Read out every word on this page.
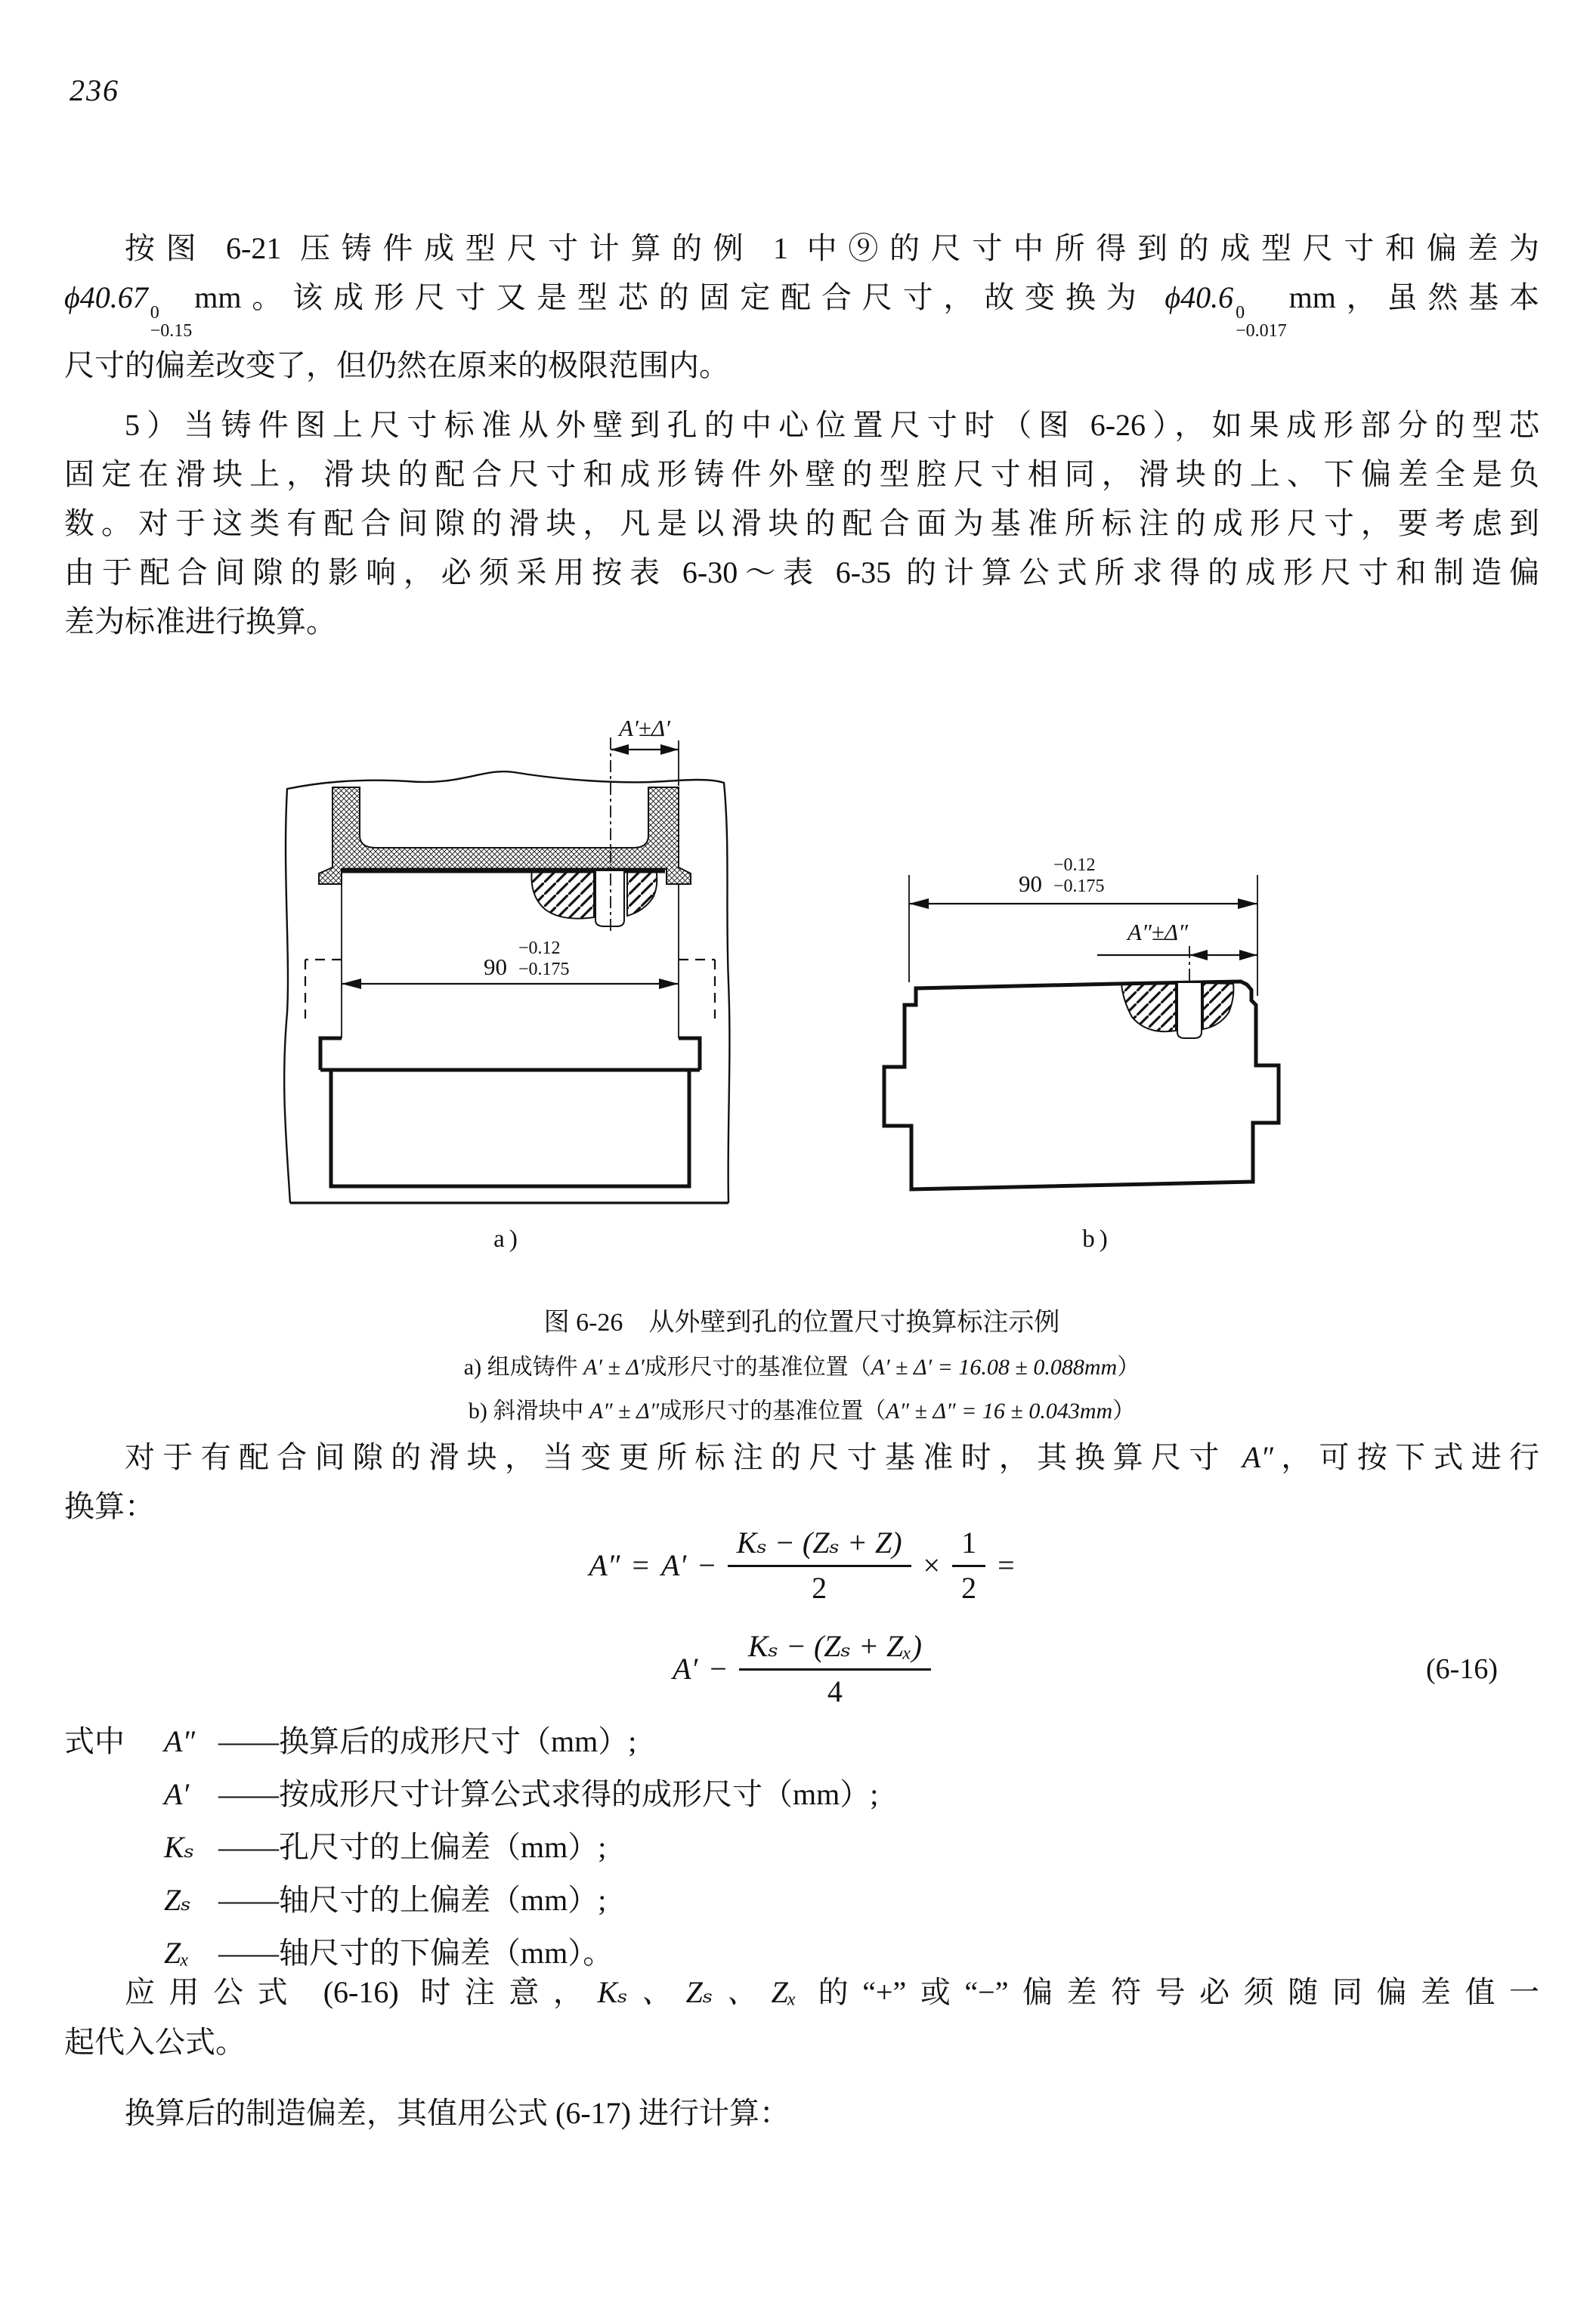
236
按图 6-21 压铸件成型尺寸计算的例 1 中⑨的尺寸中所得到的成型尺寸和偏差为
ϕ40.67 0
−0.15
mm。该成形尺寸又是型芯的固定配合尺寸，故变换为 ϕ40.6 0
−0.017
mm，虽然基本
尺寸的偏差改变了，但仍然在原来的极限范围内。
5）当铸件图上尺寸标准从外壁到孔的中心位置尺寸时（图 6-26），如果成形部分的型芯
固定在滑块上，滑块的配合尺寸和成形铸件外壁的型腔尺寸相同，滑块的上、下偏差全是负
数。对于这类有配合间隙的滑块，凡是以滑块的配合面为基准所标注的成形尺寸，要考虑到
由于配合间隙的影响，必须采用按表 6-30～表 6-35 的计算公式所求得的成形尺寸和制造偏
差为标准进行换算。
A′±Δ′
90
−0.12
−0.175
a)
90
−0.12
−0.175
A″±Δ″
b)
图 6-26　从外壁到孔的位置尺寸换算标注示例
a) 组成铸件 A′ ± Δ′成形尺寸的基准位置（A′ ± Δ′ = 16.08 ± 0.088mm）
b) 斜滑块中 A″ ± Δ″成形尺寸的基准位置（A″ ± Δ″ = 16 ± 0.043mm）
对于有配合间隙的滑块，当变更所标注的尺寸基准时，其换算尺寸 A″，可按下式进行
换算：
$A'' = A' - \frac{\text{Kₛ − (Zₛ + Z)}}{2} \times \frac{1}{2}$ =
$A' - \frac{\text{Kₛ − (Zₛ + Zₓ)}}{4}$	(6-16)
式中	A″ ——换算后的成形尺寸（mm）;
A′ ——按成形尺寸计算公式求得的成形尺寸（mm）;
Kₛ ——孔尺寸的上偏差（mm）;
Zₛ ——轴尺寸的上偏差（mm）;
Zₓ ——轴尺寸的下偏差（mm）。
应用公式 (6-16) 时注意，Kₛ、Zₛ、Zₓ 的“+”或“−”偏差符号必须随同偏差值一
起代入公式。
换算后的制造偏差，其值用公式 (6-17) 进行计算：
